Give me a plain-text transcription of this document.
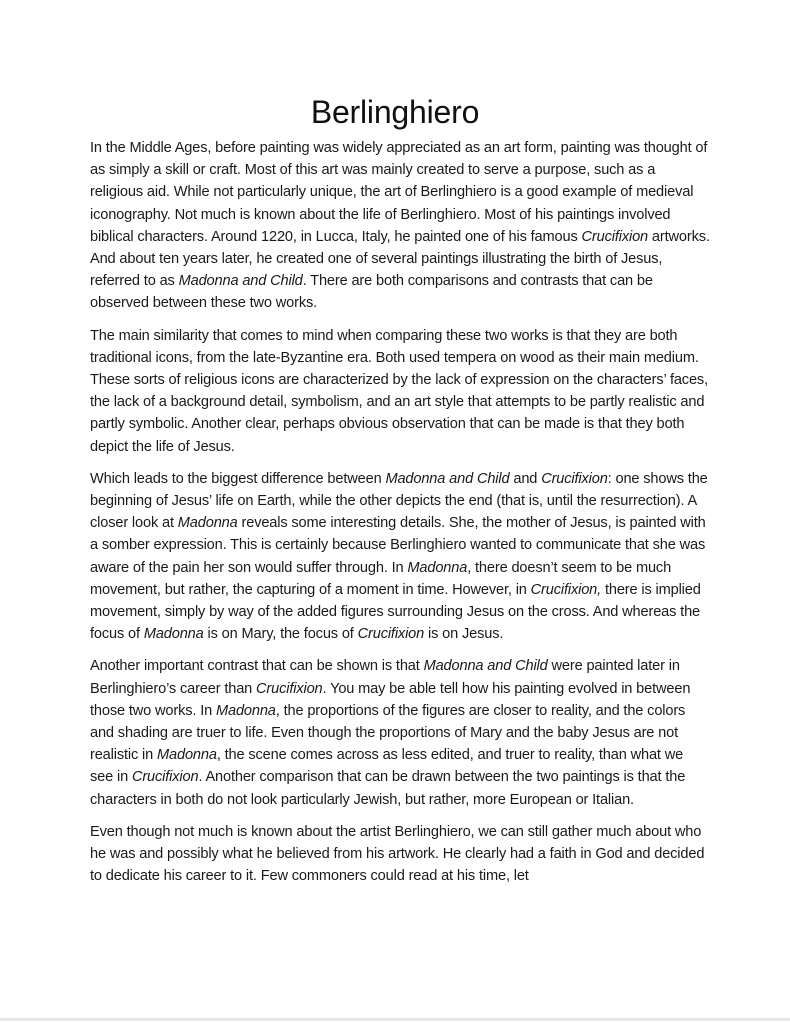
Berlinghiero

In the Middle Ages, before painting was widely appreciated as an art form, painting was thought of as simply a skill or craft. Most of this art was mainly created to serve a purpose, such as a religious aid. While not particularly unique, the art of Berlinghiero is a good example of medieval iconography. Not much is known about the life of Berlinghiero. Most of his paintings involved biblical characters. Around 1220, in Lucca, Italy, he painted one of his famous Crucifixion artworks. And about ten years later, he created one of several paintings illustrating the birth of Jesus, referred to as Madonna and Child. There are both comparisons and contrasts that can be observed between these two works.

The main similarity that comes to mind when comparing these two works is that they are both traditional icons, from the late-Byzantine era. Both used tempera on wood as their main medium. These sorts of religious icons are characterized by the lack of expression on the characters’ faces, the lack of a background detail, symbolism, and an art style that attempts to be partly realistic and partly symbolic. Another clear, perhaps obvious observation that can be made is that they both depict the life of Jesus.

Which leads to the biggest difference between Madonna and Child and Crucifixion: one shows the beginning of Jesus’ life on Earth, while the other depicts the end (that is, until the resurrection). A closer look at Madonna reveals some interesting details. She, the mother of Jesus, is painted with a somber expression. This is certainly because Berlinghiero wanted to communicate that she was aware of the pain her son would suffer through. In Madonna, there doesn’t seem to be much movement, but rather, the capturing of a moment in time. However, in Crucifixion, there is implied movement, simply by way of the added figures surrounding Jesus on the cross. And whereas the focus of Madonna is on Mary, the focus of Crucifixion is on Jesus.

Another important contrast that can be shown is that Madonna and Child were painted later in Berlinghiero’s career than Crucifixion. You may be able tell how his painting evolved in between those two works. In Madonna, the proportions of the figures are closer to reality, and the colors and shading are truer to life. Even though the proportions of Mary and the baby Jesus are not realistic in Madonna, the scene comes across as less edited, and truer to reality, than what we see in Crucifixion. Another comparison that can be drawn between the two paintings is that the characters in both do not look particularly Jewish, but rather, more European or Italian.

Even though not much is known about the artist Berlinghiero, we can still gather much about who he was and possibly what he believed from his artwork. He clearly had a faith in God and decided to dedicate his career to it. Few commoners could read at his time, let
